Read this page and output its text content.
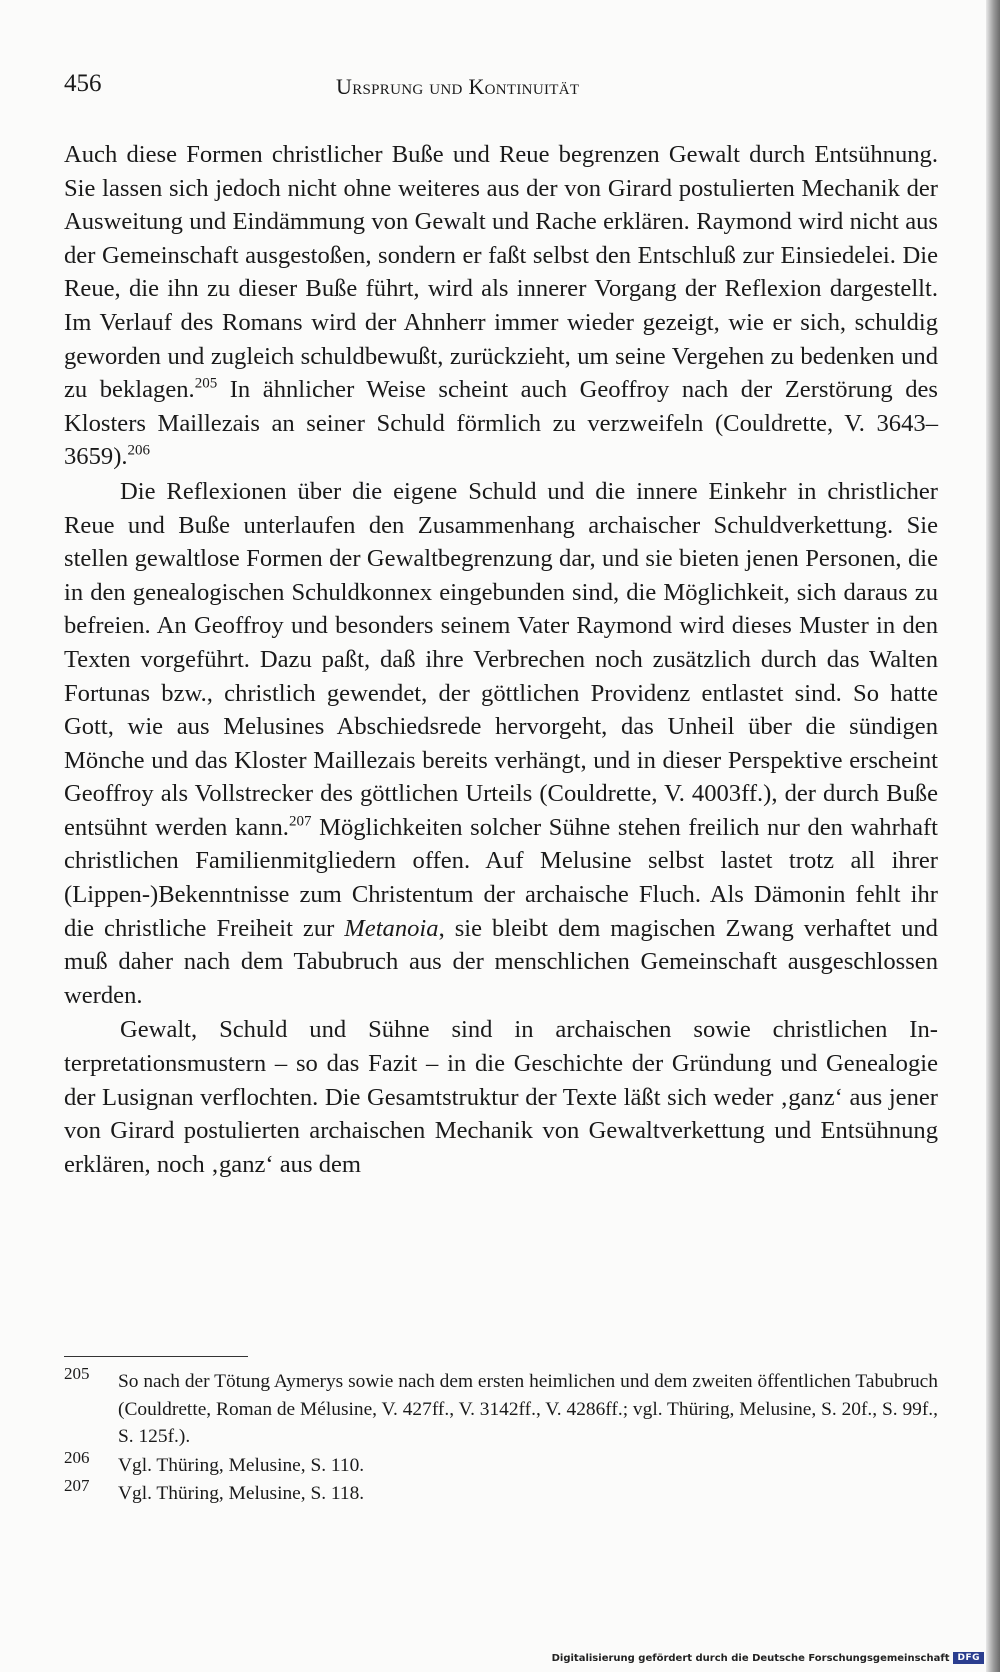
456	Ursprung und Kontinuität

Auch diese Formen christlicher Buße und Reue begrenzen Gewalt durch Entsühnung. Sie lassen sich jedoch nicht ohne weiteres aus der von Girard postulierten Mechanik der Ausweitung und Eindämmung von Gewalt und Rache erklären. Raymond wird nicht aus der Gemeinschaft ausgestoßen, sondern er faßt selbst den Entschluß zur Einsiedelei. Die Reue, die ihn zu dieser Buße führt, wird als innerer Vorgang der Reflexion dargestellt. Im Verlauf des Romans wird der Ahnherr immer wieder gezeigt, wie er sich, schuldig geworden und zugleich schuldbewußt, zurückzieht, um seine Vergehen zu bedenken und zu beklagen.$^{205}$ In ähnlicher Weise scheint auch Geoffroy nach der Zerstörung des Klosters Maillezais an seiner Schuld förmlich zu verzweifeln (Couldrette, V. 3643–3659).$^{206}$

Die Reflexionen über die eigene Schuld und die innere Einkehr in christlicher Reue und Buße unterlaufen den Zusammenhang archaischer Schuldverkettung. Sie stellen gewaltlose Formen der Gewaltbegrenzung dar, und sie bieten jenen Personen, die in den genealogischen Schuldkonnex eingebunden sind, die Möglichkeit, sich daraus zu befreien. An Geoffroy und besonders seinem Vater Raymond wird dieses Muster in den Texten vorgeführt. Dazu paßt, daß ihre Verbrechen noch zusätzlich durch das Walten Fortunas bzw., christlich gewendet, der göttlichen Providenz entlastet sind. So hatte Gott, wie aus Melusines Abschiedsrede hervorgeht, das Unheil über die sündigen Mönche und das Kloster Maillezais bereits verhängt, und in dieser Perspektive erscheint Geoffroy als Vollstrecker des göttlichen Urteils (Couldrette, V. 4003ff.), der durch Buße entsühnt werden kann.$^{207}$ Möglichkeiten solcher Sühne stehen freilich nur den wahrhaft christlichen Familienmitgliedern offen. Auf Melusine selbst lastet trotz all ihrer (Lippen-)Bekenntnisse zum Christentum der archaische Fluch. Als Dämonin fehlt ihr die christliche Freiheit zur Metanoia, sie bleibt dem magischen Zwang verhaftet und muß daher nach dem Tabubruch aus der menschlichen Gemeinschaft ausgeschlossen werden.

Gewalt, Schuld und Sühne sind in archaischen sowie christlichen Interpretationsmustern – so das Fazit – in die Geschichte der Gründung und Genealogie der Lusignan verflochten. Die Gesamtstruktur der Texte läßt sich weder ‚ganz‘ aus jener von Girard postulierten archaischen Mechanik von Gewaltverkettung und Entsühnung erklären, noch ‚ganz‘ aus dem

205 So nach der Tötung Aymerys sowie nach dem ersten heimlichen und dem zweiten öffentlichen Tabubruch (Couldrette, Roman de Mélusine, V. 427ff., V. 3142ff., V. 4286ff.; vgl. Thüring, Melusine, S. 20f., S. 99f., S. 125f.).
206 Vgl. Thüring, Melusine, S. 110.
207 Vgl. Thüring, Melusine, S. 118.
Digitalisierung gefördert durch die Deutsche Forschungsgemeinschaft DFG
